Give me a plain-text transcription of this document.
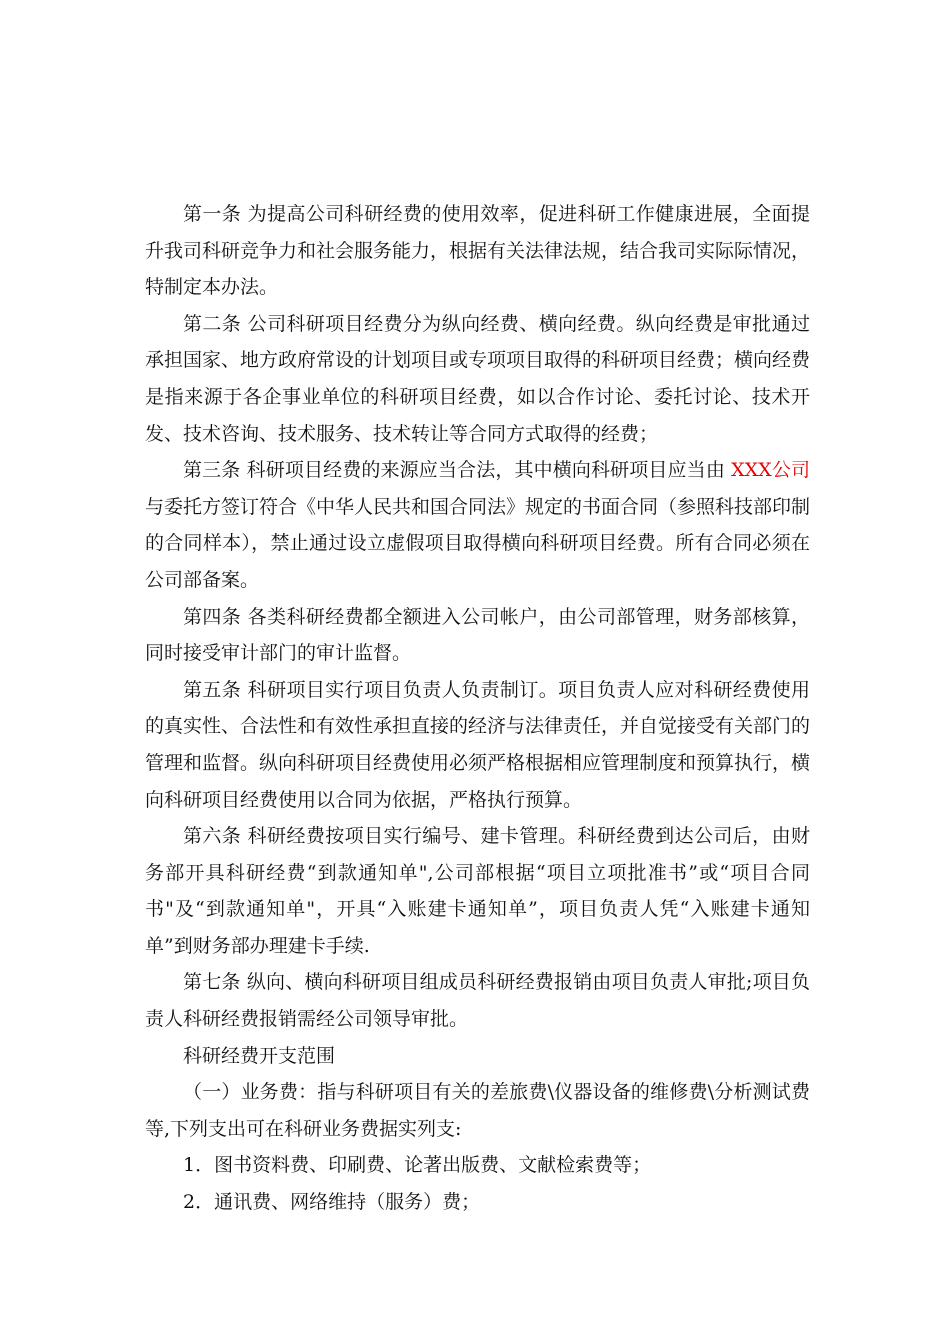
第一条 为提高公司科研经费的使用效率，促进科研工作健康进展，全面提升我司科研竞争力和社会服务能力，根据有关法律法规，结合我司实际际情况，特制定本办法。

第二条 公司科研项目经费分为纵向经费、横向经费。纵向经费是审批通过承担国家、地方政府常设的计划项目或专项项目取得的科研项目经费；横向经费是指来源于各企事业单位的科研项目经费，如以合作讨论、委托讨论、技术开发、技术咨询、技术服务、技术转让等合同方式取得的经费；

第三条 科研项目经费的来源应当合法，其中横向科研项目应当由 XXX公司与委托方签订符合《中华人民共和国合同法》规定的书面合同（参照科技部印制的合同样本），禁止通过设立虚假项目取得横向科研项目经费。所有合同必须在公司部备案。

第四条 各类科研经费都全额进入公司帐户，由公司部管理，财务部核算，同时接受审计部门的审计监督。

第五条 科研项目实行项目负责人负责制订。项目负责人应对科研经费使用的真实性、合法性和有效性承担直接的经济与法律责任，并自觉接受有关部门的管理和监督。纵向科研项目经费使用必须严格根据相应管理制度和预算执行，横向科研项目经费使用以合同为依据，严格执行预算。

第六条 科研经费按项目实行编号、建卡管理。科研经费到达公司后，由财务部开具科研经费“到款通知单",公司部根据“项目立项批准书”或“项目合同书"及“到款通知单"，开具“入账建卡通知单”，项目负责人凭“入账建卡通知单”到财务部办理建卡手续.

第七条 纵向、横向科研项目组成员科研经费报销由项目负责人审批;项目负责人科研经费报销需经公司领导审批。

科研经费开支范围

（一）业务费：指与科研项目有关的差旅费\仪器设备的维修费\分析测试费等,下列支出可在科研业务费据实列支:

1．图书资料费、印刷费、论著出版费、文献检索费等；

2．通讯费、网络维持（服务）费；
